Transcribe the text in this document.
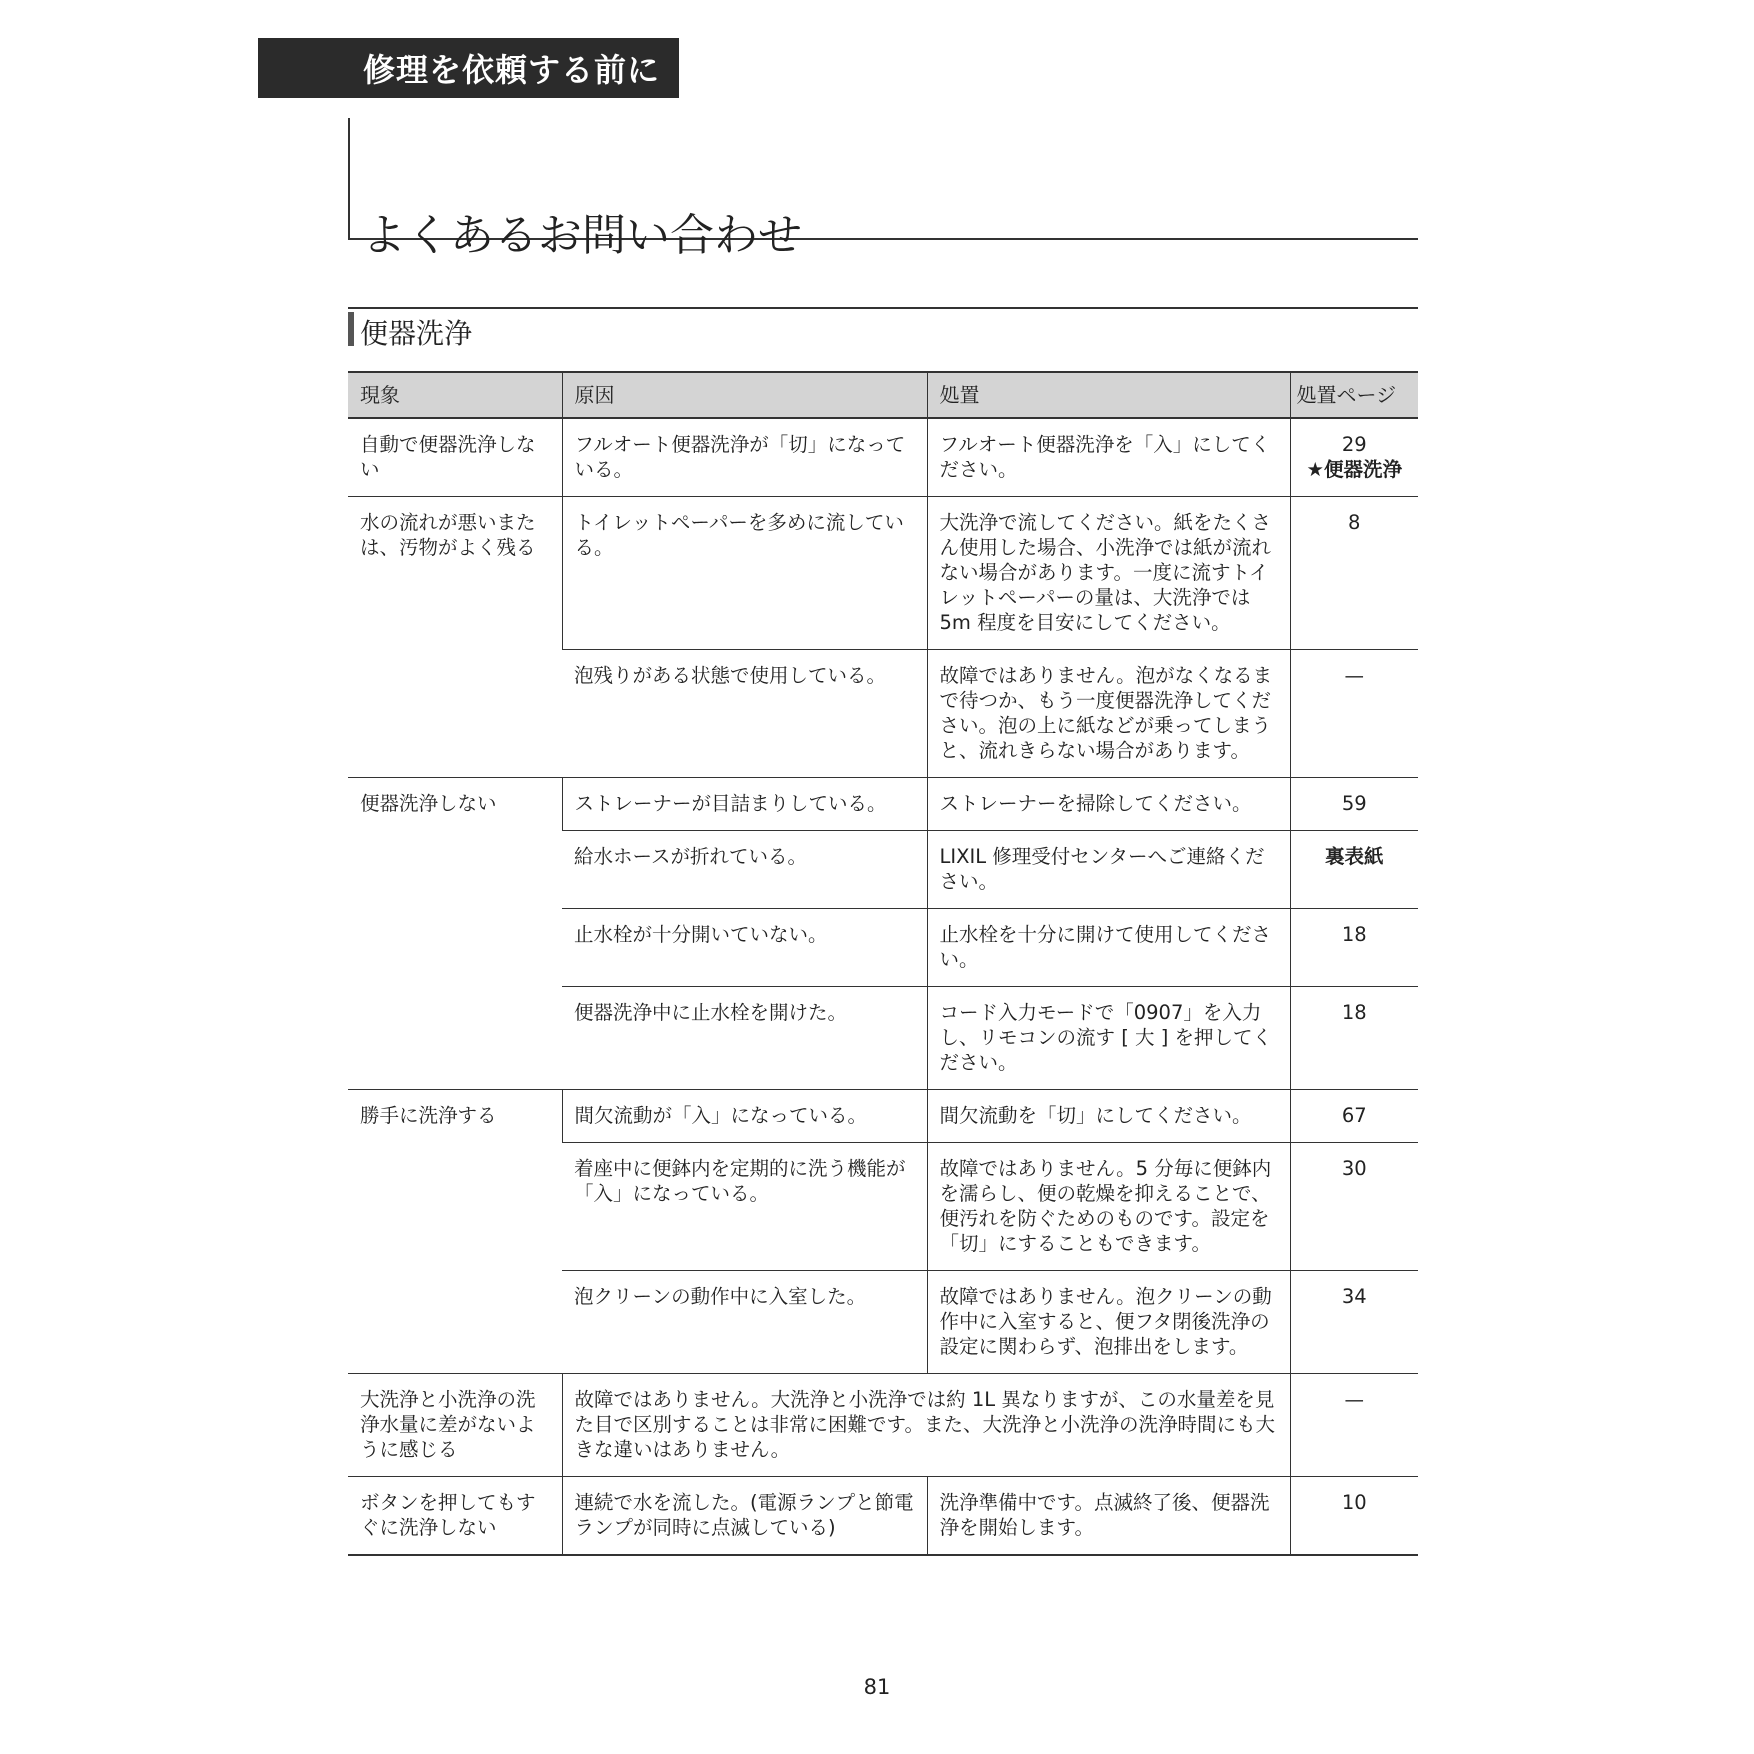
修理を依頼する前に
よくあるお問い合わせ
便器洗浄
現象	原因	処置	処置ページ
自動で便器洗浄しない	フルオート便器洗浄が「切」になっている。	フルオート便器洗浄を「入」にしてください。	29
★便器洗浄

水の流れが悪いまたは、汚物がよく残る	トイレットペーパーを多めに流している。	大洗浄で流してください。紙をたくさん使用した場合、小洗浄では紙が流れない場合があります。一度に流すトイレットペーパーの量は、大洗浄では 5m 程度を目安にしてください。	8
	泡残りがある状態で使用している。	故障ではありません。泡がなくなるまで待つか、もう一度便器洗浄してください。泡の上に紙などが乗ってしまうと、流れきらない場合があります。	—
便器洗浄しない	ストレーナーが目詰まりしている。	ストレーナーを掃除してください。	59
	給水ホースが折れている。	LIXIL 修理受付センターへご連絡ください。	裏表紙
	止水栓が十分開いていない。	止水栓を十分に開けて使用してください。	18
	便器洗浄中に止水栓を開けた。	コード入力モードで「0907」を入力し、リモコンの流す [ 大 ] を押してください。	18
勝手に洗浄する	間欠流動が「入」になっている。	間欠流動を「切」にしてください。	67
	着座中に便鉢内を定期的に洗う機能が「入」になっている。	故障ではありません。5 分毎に便鉢内を濡らし、便の乾燥を抑えることで、便汚れを防ぐためのものです。設定を「切」にすることもできます。	30
	泡クリーンの動作中に入室した。	故障ではありません。泡クリーンの動作中に入室すると、便フタ閉後洗浄の設定に関わらず、泡排出をします。	34
大洗浄と小洗浄の洗浄水量に差がないように感じる	故障ではありません。大洗浄と小洗浄では約 1L 異なりますが、この水量差を見た目で区別することは非常に困難です。また、大洗浄と小洗浄の洗浄時間にも大きな違いはありません。		—
ボタンを押してもすぐに洗浄しない	連続で水を流した。(電源ランプと節電ランプが同時に点滅している)	洗浄準備中です。点滅終了後、便器洗浄を開始します。	10
81
